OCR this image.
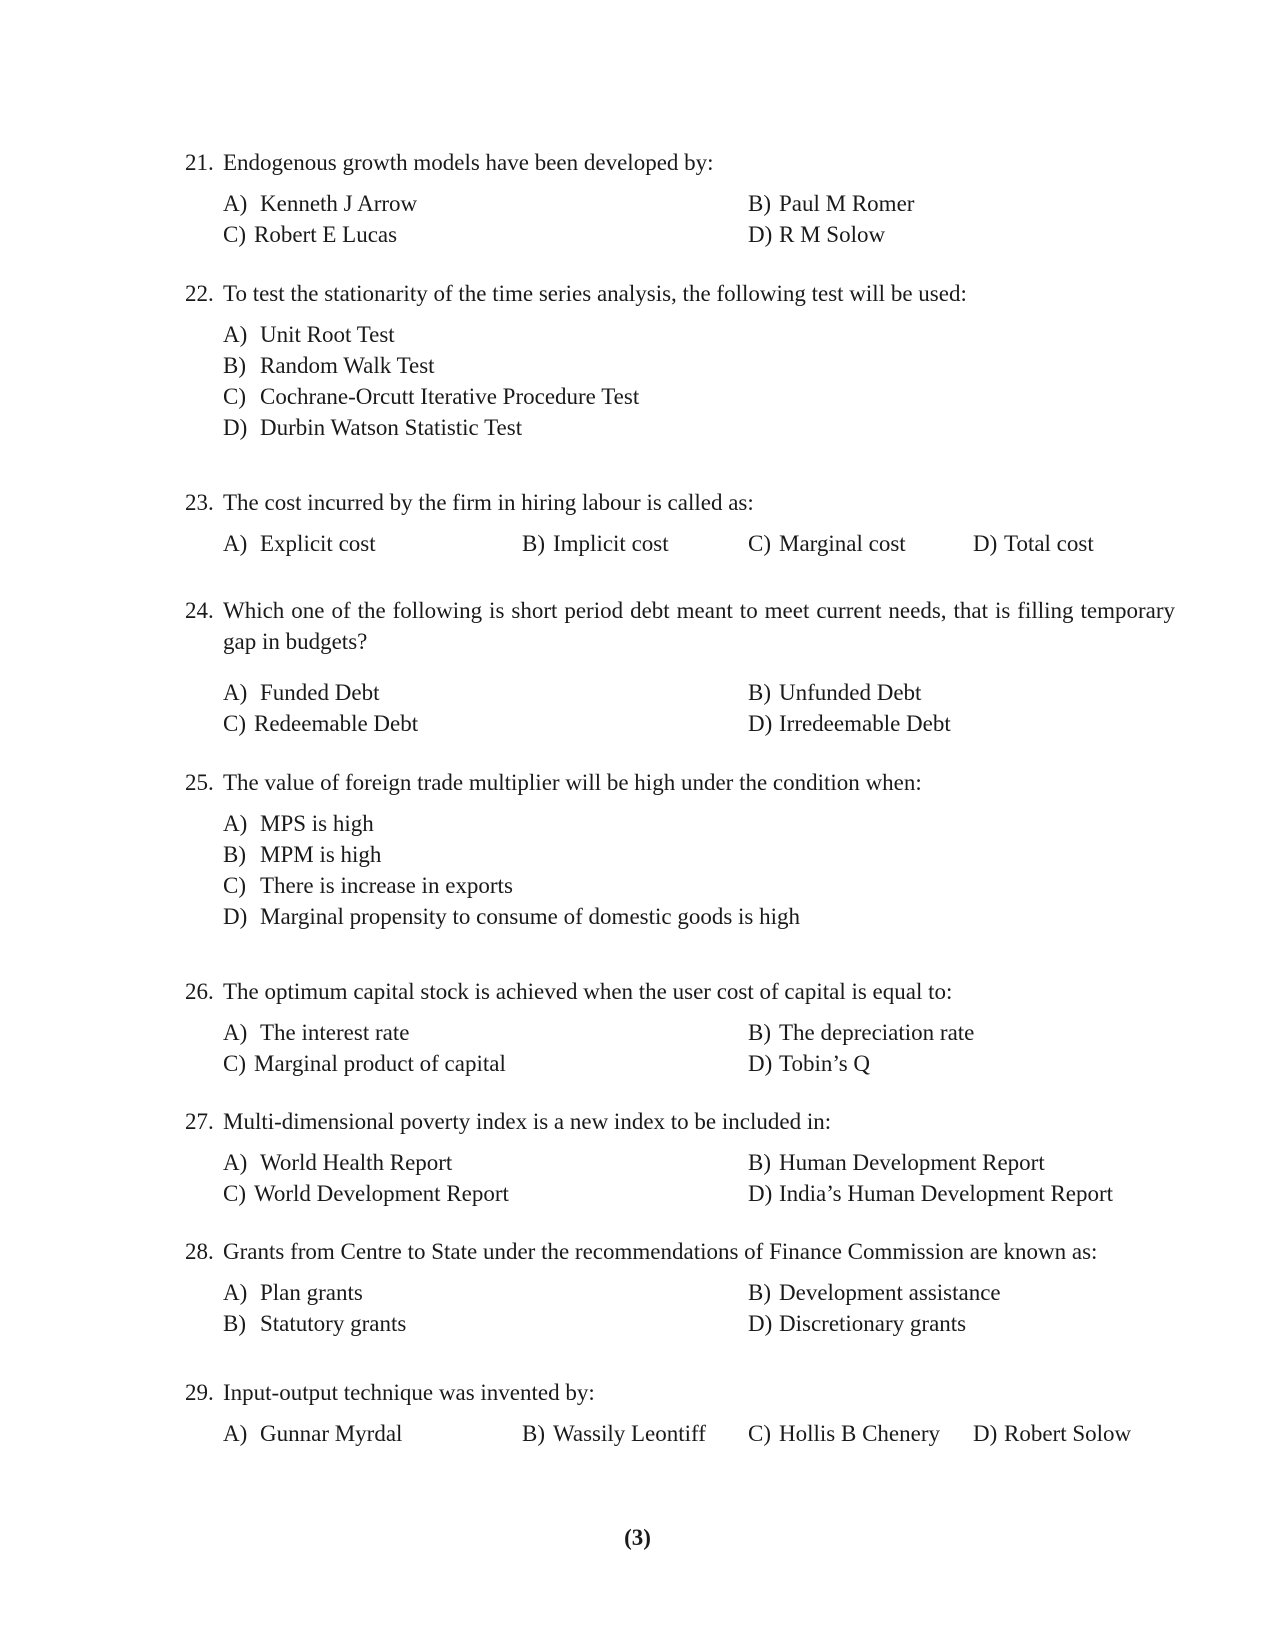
21. Endogenous growth models have been developed by:
A) Kenneth J Arrow	B) Paul M Romer
C) Robert E Lucas	D) R M Solow
22. To test the stationarity of the time series analysis, the following test will be used:
A) Unit Root Test
B) Random Walk Test
C) Cochrane-Orcutt Iterative Procedure Test
D) Durbin Watson Statistic Test
23. The cost incurred by the firm in hiring labour is called as:
A) Explicit cost	B) Implicit cost	C) Marginal cost	D) Total cost
24. Which one of the following is short period debt meant to meet current needs, that is filling temporary gap in budgets?
A) Funded Debt	B) Unfunded Debt
C) Redeemable Debt	D) Irredeemable Debt
25. The value of foreign trade multiplier will be high under the condition when:
A) MPS is high
B) MPM is high
C) There is increase in exports
D) Marginal propensity to consume of domestic goods is high
26. The optimum capital stock is achieved when the user cost of capital is equal to:
A) The interest rate	B) The depreciation rate
C) Marginal product of capital	D) Tobin’s Q
27. Multi-dimensional poverty index is a new index to be included in:
A) World Health Report	B) Human Development Report
C) World Development Report	D) India’s Human Development Report
28. Grants from Centre to State under the recommendations of Finance Commission are known as:
A) Plan grants	B) Development assistance
B) Statutory grants	D) Discretionary grants
29. Input-output technique was invented by:
A) Gunnar Myrdal	B) Wassily Leontiff C) Hollis B Chenery D) Robert Solow
(3)
